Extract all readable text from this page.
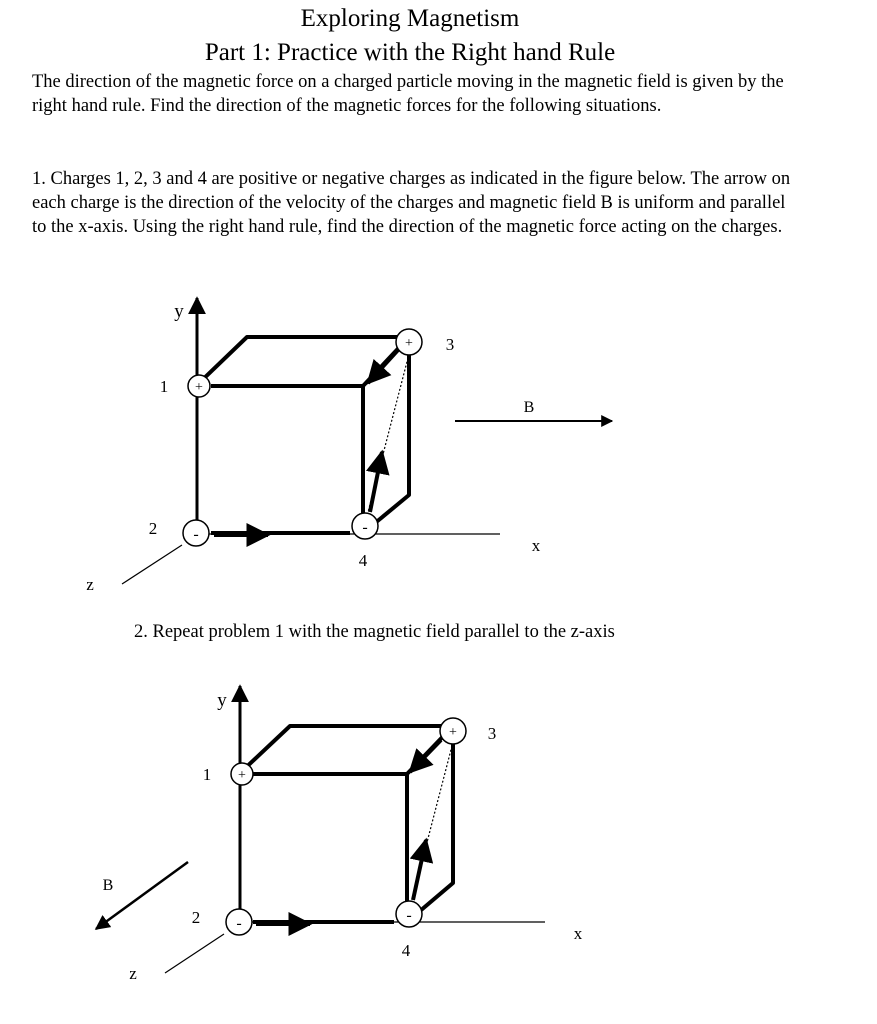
Exploring Magnetism
Part 1: Practice with the Right hand Rule

The direction of the magnetic force on a charged particle moving in the magnetic field is given by the right hand rule. Find the direction of the magnetic forces for the following situations.

1. Charges 1, 2, 3 and 4 are positive or negative charges as indicated in the figure below. The arrow on each charge is the direction of the velocity of the charges and magnetic field B is uniform and parallel to the x-axis. Using the right hand rule, find the direction of the magnetic force acting on the charges.

+
-
+
-
y
x
z
B
1
2
3
4
2. Repeat problem 1 with the magnetic field parallel to the z-axis
+
-
+
-
y
x
z
B
1
2
3
4
